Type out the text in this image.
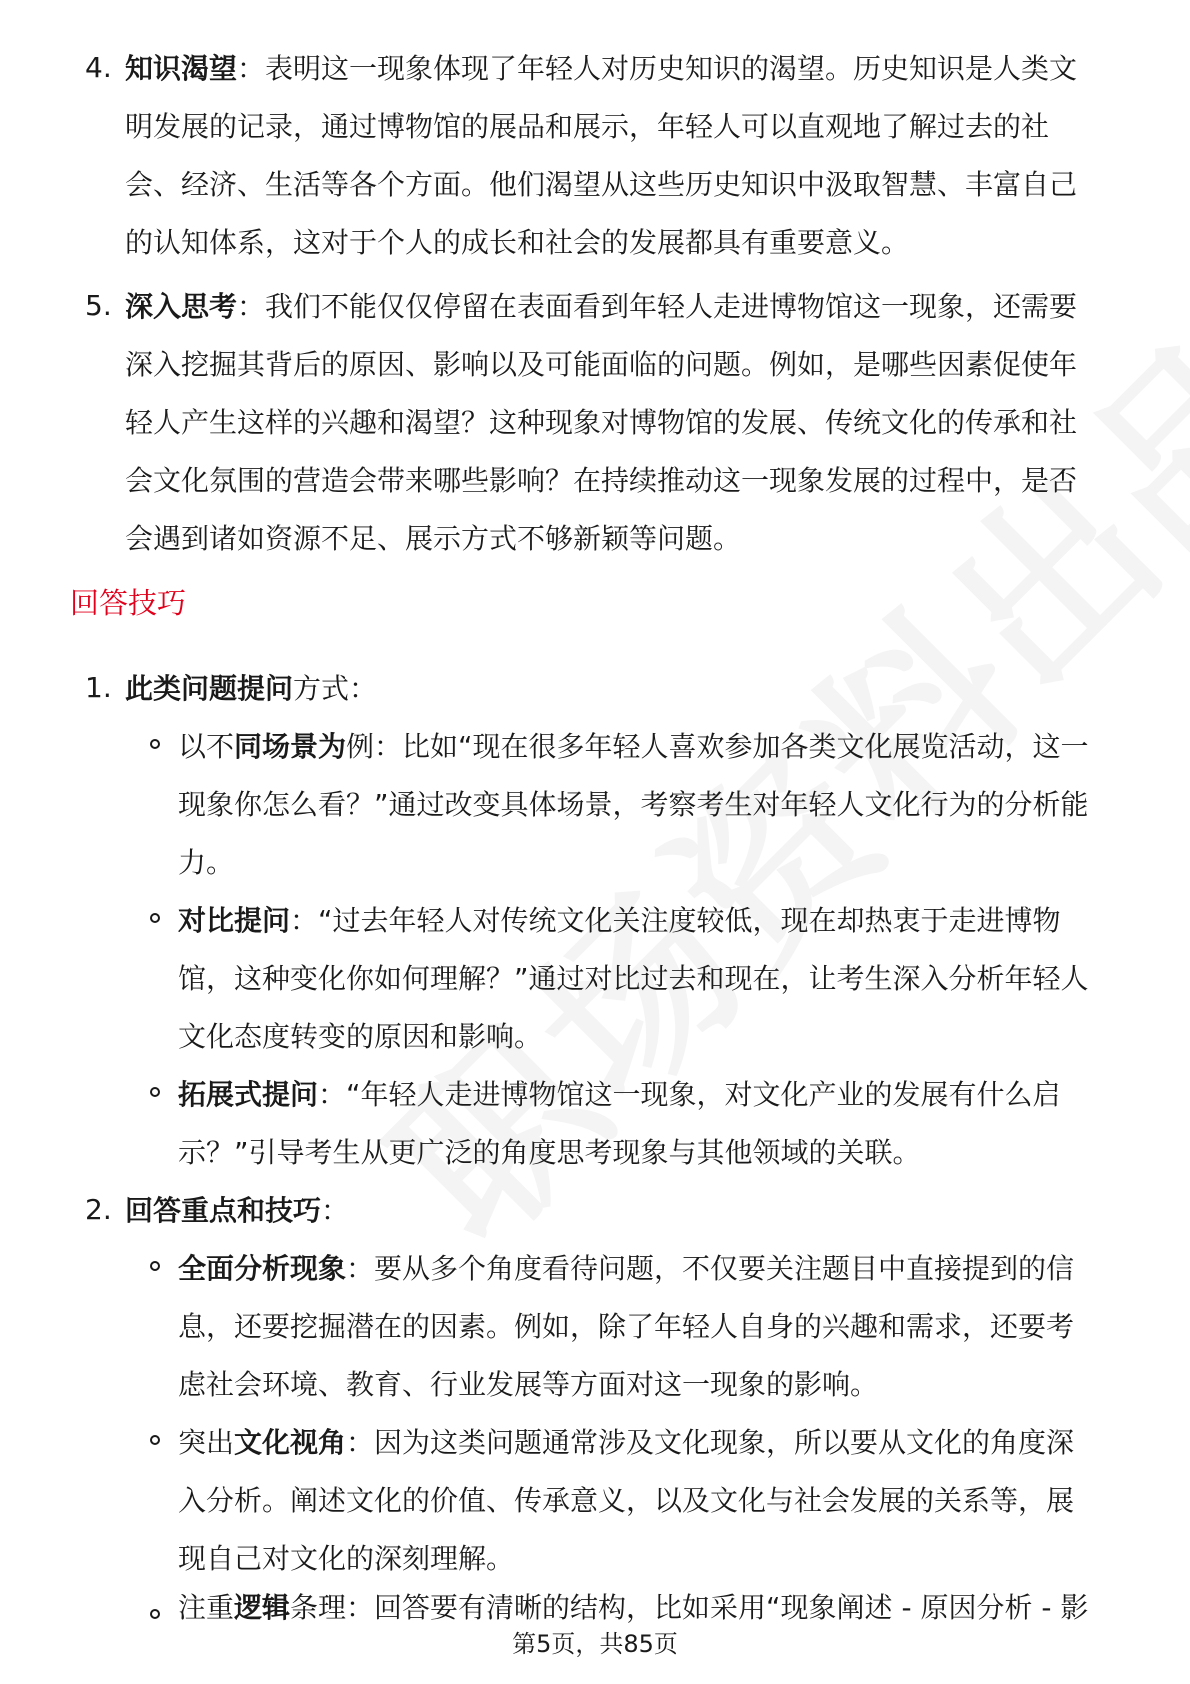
4. 知识渴望：表明这一现象体现了年轻人对历史知识的渴望。历史知识是人类文
明发展的记录，通过博物馆的展品和展示，年轻人可以直观地了解过去的社
会、经济、生活等各个方面。他们渴望从这些历史知识中汲取智慧、丰富自己
的认知体系，这对于个人的成长和社会的发展都具有重要意义。
5. 深入思考：我们不能仅仅停留在表面看到年轻人走进博物馆这一现象，还需要
深入挖掘其背后的原因、影响以及可能面临的问题。例如，是哪些因素促使年
轻人产生这样的兴趣和渴望？这种现象对博物馆的发展、传统文化的传承和社
会文化氛围的营造会带来哪些影响？在持续推动这一现象发展的过程中，是否
会遇到诸如资源不足、展示方式不够新颖等问题。
回答技巧
1. 此类问题提问方式：
以不同场景为例：比如“现在很多年轻人喜欢参加各类文化展览活动，这一
现象你怎么看？”通过改变具体场景，考察考生对年轻人文化行为的分析能
力。
对比提问：“过去年轻人对传统文化关注度较低，现在却热衷于走进博物
馆，这种变化你如何理解？”通过对比过去和现在，让考生深入分析年轻人
文化态度转变的原因和影响。
拓展式提问：“年轻人走进博物馆这一现象，对文化产业的发展有什么启
示？”引导考生从更广泛的角度思考现象与其他领域的关联。
2. 回答重点和技巧：
全面分析现象：要从多个角度看待问题，不仅要关注题目中直接提到的信
息，还要挖掘潜在的因素。例如，除了年轻人自身的兴趣和需求，还要考
虑社会环境、教育、行业发展等方面对这一现象的影响。
突出文化视角：因为这类问题通常涉及文化现象，所以要从文化的角度深
入分析。阐述文化的价值、传承意义，以及文化与社会发展的关系等，展
现自己对文化的深刻理解。
注重逻辑条理：回答要有清晰的结构，比如采用“现象阐述 - 原因分析 - 影
第5页，共85页
